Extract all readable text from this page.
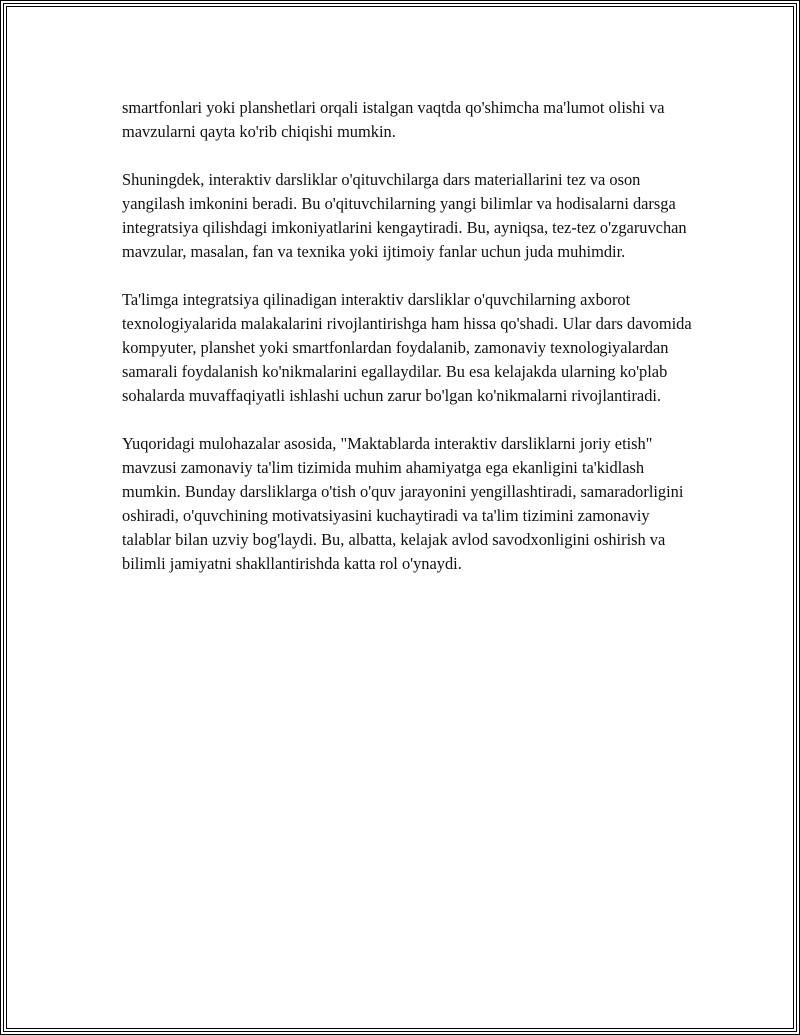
smartfonlari yoki planshetlari orqali istalgan vaqtda qo'shimcha ma'lumot olishi va mavzularni qayta ko'rib chiqishi mumkin.

Shuningdek, interaktiv darsliklar o'qituvchilarga dars materiallarini tez va oson yangilash imkonini beradi. Bu o'qituvchilarning yangi bilimlar va hodisalarni darsga integratsiya qilishdagi imkoniyatlarini kengaytiradi. Bu, ayniqsa, tez-tez o'zgaruvchan mavzular, masalan, fan va texnika yoki ijtimoiy fanlar uchun juda muhimdir.

Ta'limga integratsiya qilinadigan interaktiv darsliklar o'quvchilarning axborot texnologiyalarida malakalarini rivojlantirishga ham hissa qo'shadi. Ular dars davomida kompyuter, planshet yoki smartfonlardan foydalanib, zamonaviy texnologiyalardan samarali foydalanish ko'nikmalarini egallaydilar. Bu esa kelajakda ularning ko'plab sohalarda muvaffaqiyatli ishlashi uchun zarur bo'lgan ko'nikmalarni rivojlantiradi.

Yuqoridagi mulohazalar asosida, "Maktablarda interaktiv darsliklarni joriy etish" mavzusi zamonaviy ta'lim tizimida muhim ahamiyatga ega ekanligini ta'kidlash mumkin. Bunday darsliklarga o'tish o'quv jarayonini yengillashtiradi, samaradorligini oshiradi, o'quvchining motivatsiyasini kuchaytiradi va ta'lim tizimini zamonaviy talablar bilan uzviy bog'laydi. Bu, albatta, kelajak avlod savodxonligini oshirish va bilimli jamiyatni shakllantirishda katta rol o'ynaydi.
